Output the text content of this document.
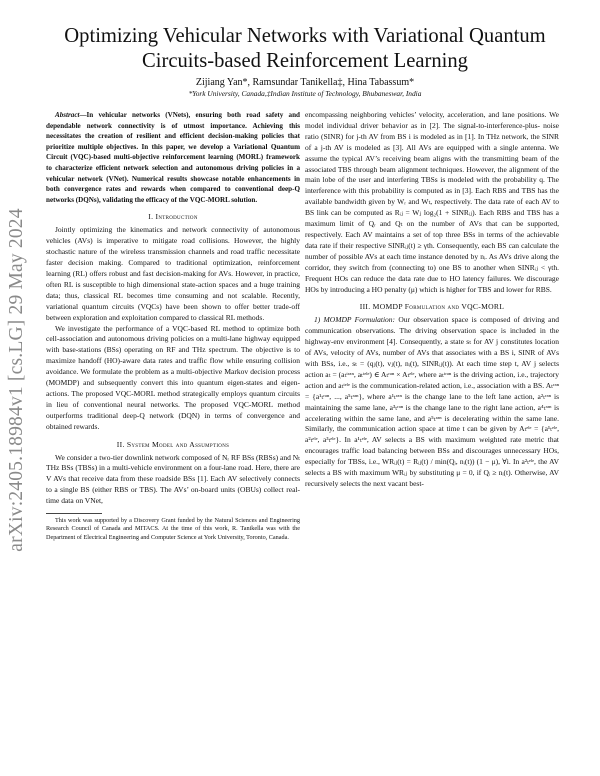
arXiv:2405.18984v1 [cs.LG] 29 May 2024
Optimizing Vehicular Networks with Variational Quantum Circuits-based Reinforcement Learning
Zijiang Yan*, Ramsundar Tanikella‡, Hina Tabassum*
*York University, Canada,‡Indian Institute of Technology, Bhubaneswar, India

Abstract—In vehicular networks (VNets), ensuring both road safety and dependable network connectivity is of utmost importance. Achieving this necessitates the creation of resilient and efficient decision-making policies that prioritize multiple objectives. In this paper, we develop a Variational Quantum Circuit (VQC)-based multi-objective reinforcement learning (MORL) framework to characterize efficient network selection and autonomous driving policies in a vehicular network (VNet). Numerical results showcase notable enhancements in both convergence rates and rewards when compared to conventional deep-Q networks (DQNs), validating the efficacy of the VQC-MORL solution.

I. Introduction

Jointly optimizing the kinematics and network connectivity of autonomous vehicles (AVs) is imperative to mitigate road collisions. However, the highly stochastic nature of the wireless transmission channels and road traffic necessitate faster decision making. Compared to traditional optimization, reinforcement learning (RL) offers robust and fast decision-making for AVs. However, in practice, often RL is susceptible to high dimensional state-action spaces and a huge training data; thus, classical RL becomes time consuming and not scalable. Recently, variational quantum circuits (VQCs) have been shown to offer better trade-off between exploration and exploitation compared to classical RL methods.

We investigate the performance of a VQC-based RL method to optimize both cell-association and autonomous driving policies on a multi-lane highway equipped with base-stations (BSs) operating on RF and THz spectrum. The objective is to maximize handoff (HO)-aware data rates and traffic flow while ensuring collision avoidance. We formulate the problem as a multi-objective Markov decision process (MOMDP) and subsequently convert this into quantum eigen-states and eigen-actions. The proposed VQC-MORL method strategically employs quantum circuits in lieu of conventional neural networks. The proposed VQC-MORL method outperforms traditional deep-Q network (DQN) in terms of convergence and obtained rewards.

II. System Model and Assumptions

We consider a two-tier downlink network composed of Nᵣ RF BSs (RBSs) and Nₜ THz BSs (TBSs) in a multi-vehicle environment on a four-lane road. Here, there are V AVs that receive data from these roadside BSs [1]. Each AV selectively connects to a single BS (either RBS or TBS). The AVs’ on-board units (OBUs) collect real-time data on VNet,

This work was supported by a Discovery Grant funded by the Natural Sciences and Engineering Research Council of Canada and MITACS. At the time of this work, R. Tanikella was with the Department of Electrical Engineering and Computer Science at York University, Toronto, Canada.

encompassing neighboring vehicles’ velocity, acceleration, and lane positions. We model individual driver behavior as in [2]. The signal-to-interference-plus- noise ratio (SINR) for j-th AV from BS i is modeled as in [1]. In THz network, the SINR of a j-th AV is modeled as [3]. All AVs are equipped with a single antenna. We assume the typical AV’s receiving beam aligns with the transmitting beam of the associated TBS through beam alignment techniques. However, the alignment of the main lobe of the user and interfering TBSs is modeled with the probability q. The interference with this probability is computed as in [3]. Each RBS and TBS has the available bandwidth given by Wᵣ and Wₜ, respectively. The data rate of each AV to BS link can be computed as Rᵢⱼ = Wⱼ log₂(1 + SINRᵢⱼ). Each RBS and TBS has a maximum limit of Qᵣ and Qₜ on the number of AVs that can be supported, respectively. Each AV maintains a set of top three BSs in terms of the achievable data rate if their respective SINRᵢⱼ(t) ≥ γth. Consequently, each BS can calculate the number of possible AVs at each time instance denoted by nᵢ. As AVs drive along the corridor, they switch from (connecting to) one BS to another when SINRᵢⱼ < γth. Frequent HOs can reduce the data rate due to HO latency failures. We discourage HOs by introducing a HO penalty (μ) which is higher for TBS and lower for RBS.

III. MOMDP Formulation and VQC-MORL

1) MOMDP Formulation: Our observation space is composed of driving and communication observations. The driving observation space is included in the highway-env environment [4]. Consequently, a state sₜ for AV j constitutes location of AVs, velocity of AVs, number of AVs that associates with a BS i, SINR of AVs with BSs, i.e., sₜ = (qⱼ(t), vⱼ(t), nᵢ(t), SINRᵢⱼ(t)). At each time step t, AV j selects action aₜ = (aₜᵗʳᵃⁿ, aₜᵗᵉˡᵉ) ∈ Aₜʳᵃⁿ × Aₜᵉˡᵉ, where aₜᵗʳᵃⁿ is the driving action, i.e., trajectory action and aₜᵗᵉˡᵉ is the communication-related action, i.e., association with a BS. Aₜʳᵃⁿ = {a¹ₜʳᵃⁿ, ..., a⁵ₜʳᵃⁿ}, where a¹ₜʳᵃⁿ is the change lane to the left lane action, a²ₜʳᵃⁿ is maintaining the same lane, a³ₜʳᵃⁿ is the change lane to the right lane action, a⁴ₜʳᵃⁿ is accelerating within the same lane, and a⁵ₜʳᵃⁿ is decelerating within the same lane. Similarly, the communication action space at time t can be given by Aₜᵉˡᵉ = {a¹ₜᵉˡᵉ, a²ₜᵉˡᵉ, a³ₜᵉˡᵉ}. In a¹ₜᵉˡᵉ, AV selects a BS with maximum weighted rate metric that encourages traffic load balancing between BSs and discourages unnecessary HOs, especially for TBSs, i.e., WRᵢⱼ(t) = Rᵢⱼ(t) / min(Qᵢ, nᵢ(t)) (1 − μ), ∀i. In a²ₜᵉˡᵉ, the AV selects a BS with maximum WRᵢⱼ by substituting μ = 0, if Qᵢ ≥ nᵢ(t). Otherwise, AV recursively selects the next vacant best-
